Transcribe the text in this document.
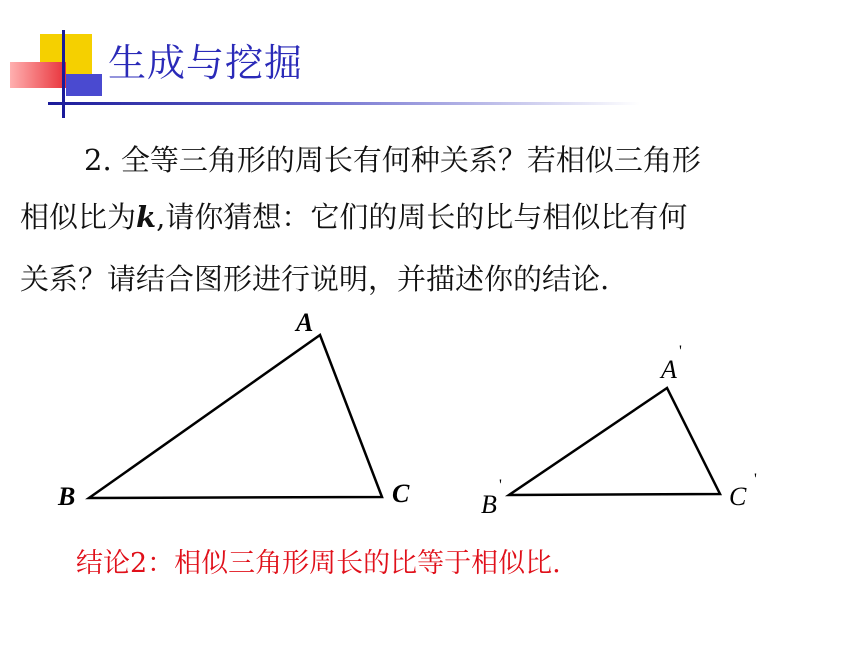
生成与挖掘
2. 全等三角形的周长有何种关系？若相似三角形
相似比为k,请你猜想：它们的周长的比与相似比有何
关系？请结合图形进行说明，并描述你的结论.
A
B	C
A
'
B
'	C
'
结论2：相似三角形周长的比等于相似比.
